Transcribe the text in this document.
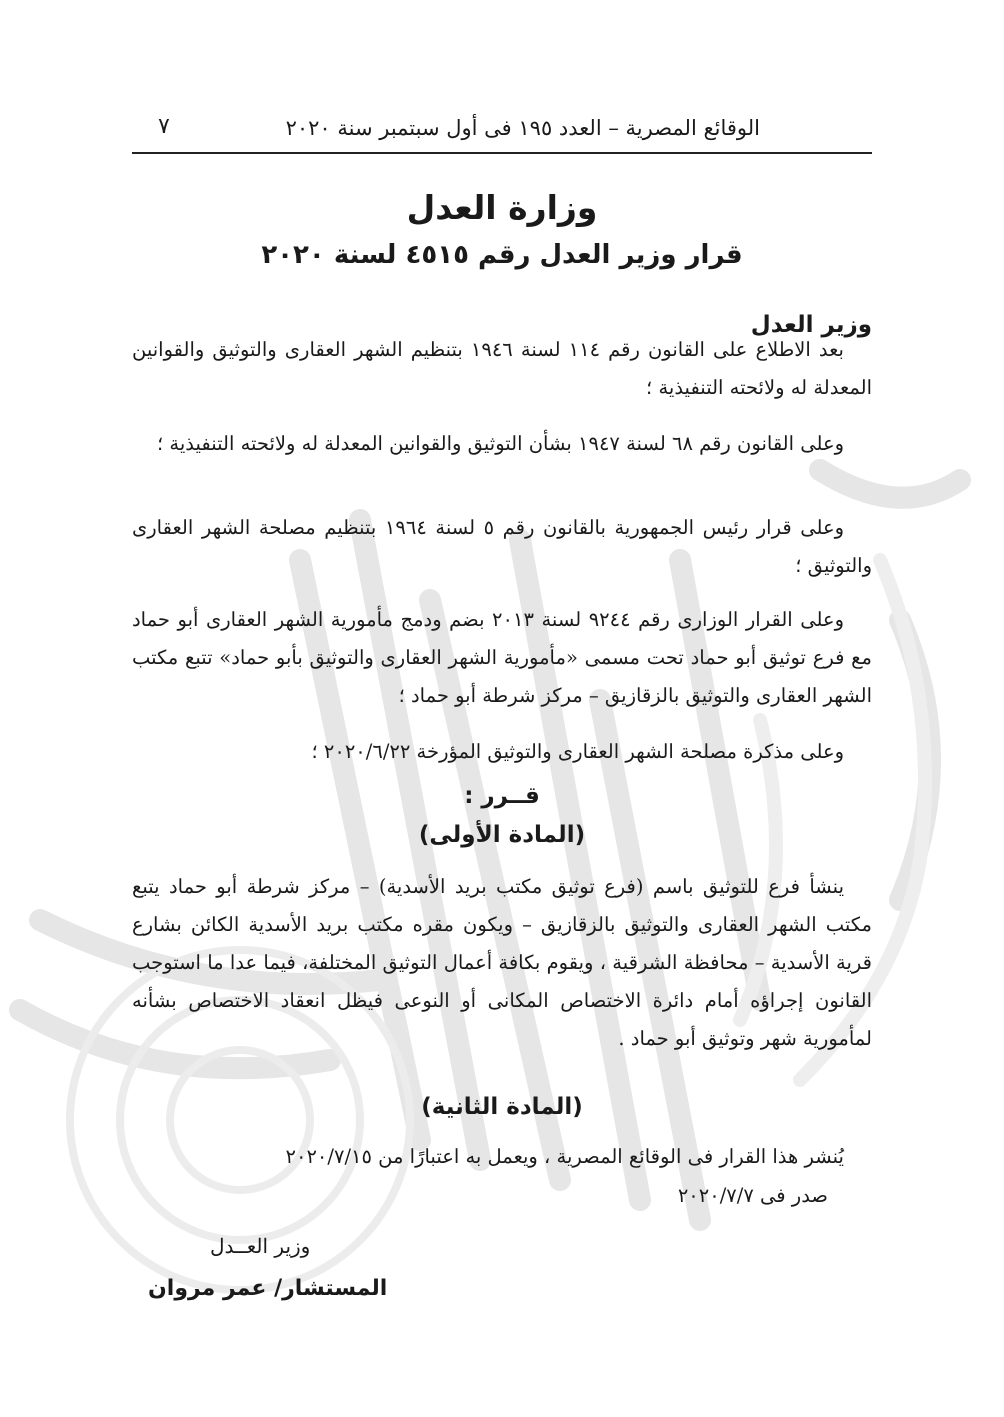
الوقائع المصرية – العدد ١٩٥ فى أول سبتمبر سنة ٢٠٢٠
٧
وزارة العدل
قرار وزير العدل رقم ٤٥١٥ لسنة ٢٠٢٠
وزير العدل

بعد الاطلاع على القانون رقم ١١٤ لسنة ١٩٤٦ بتنظيم الشهر العقارى والتوثيق والقوانين المعدلة له ولائحته التنفيذية ؛

وعلى القانون رقم ٦٨ لسنة ١٩٤٧ بشأن التوثيق والقوانين المعدلة له ولائحته التنفيذية ؛

وعلى قرار رئيس الجمهورية بالقانون رقم ٥ لسنة ١٩٦٤ بتنظيم مصلحة الشهر العقارى والتوثيق ؛

وعلى القرار الوزارى رقم ٩٢٤٤ لسنة ٢٠١٣ بضم ودمج مأمورية الشهر العقارى أبو حماد مع فرع توثيق أبو حماد تحت مسمى «مأمورية الشهر العقارى والتوثيق بأبو حماد» تتبع مكتب الشهر العقارى والتوثيق بالزقازيق – مركز شرطة أبو حماد ؛

وعلى مذكرة مصلحة الشهر العقارى والتوثيق المؤرخة ٢٠٢٠/٦/٢٢ ؛

قــرر :
(المادة الأولى)

ينشأ فرع للتوثيق باسم (فرع توثيق مكتب بريد الأسدية) – مركز شرطة أبو حماد يتبع مكتب الشهر العقارى والتوثيق بالزقازيق – ويكون مقره مكتب بريد الأسدية الكائن بشارع قرية الأسدية – محافظة الشرقية ، ويقوم بكافة أعمال التوثيق المختلفة، فيما عدا ما استوجب القانون إجراؤه أمام دائرة الاختصاص المكانى أو النوعى فيظل انعقاد الاختصاص بشأنه لمأمورية شهر وتوثيق أبو حماد .

(المادة الثانية)

يُنشر هذا القرار فى الوقائع المصرية ، ويعمل به اعتبارًا من ٢٠٢٠/٧/١٥

صدر فى ٢٠٢٠/٧/٧
وزير العــدل
المستشار/ عمر مروان
